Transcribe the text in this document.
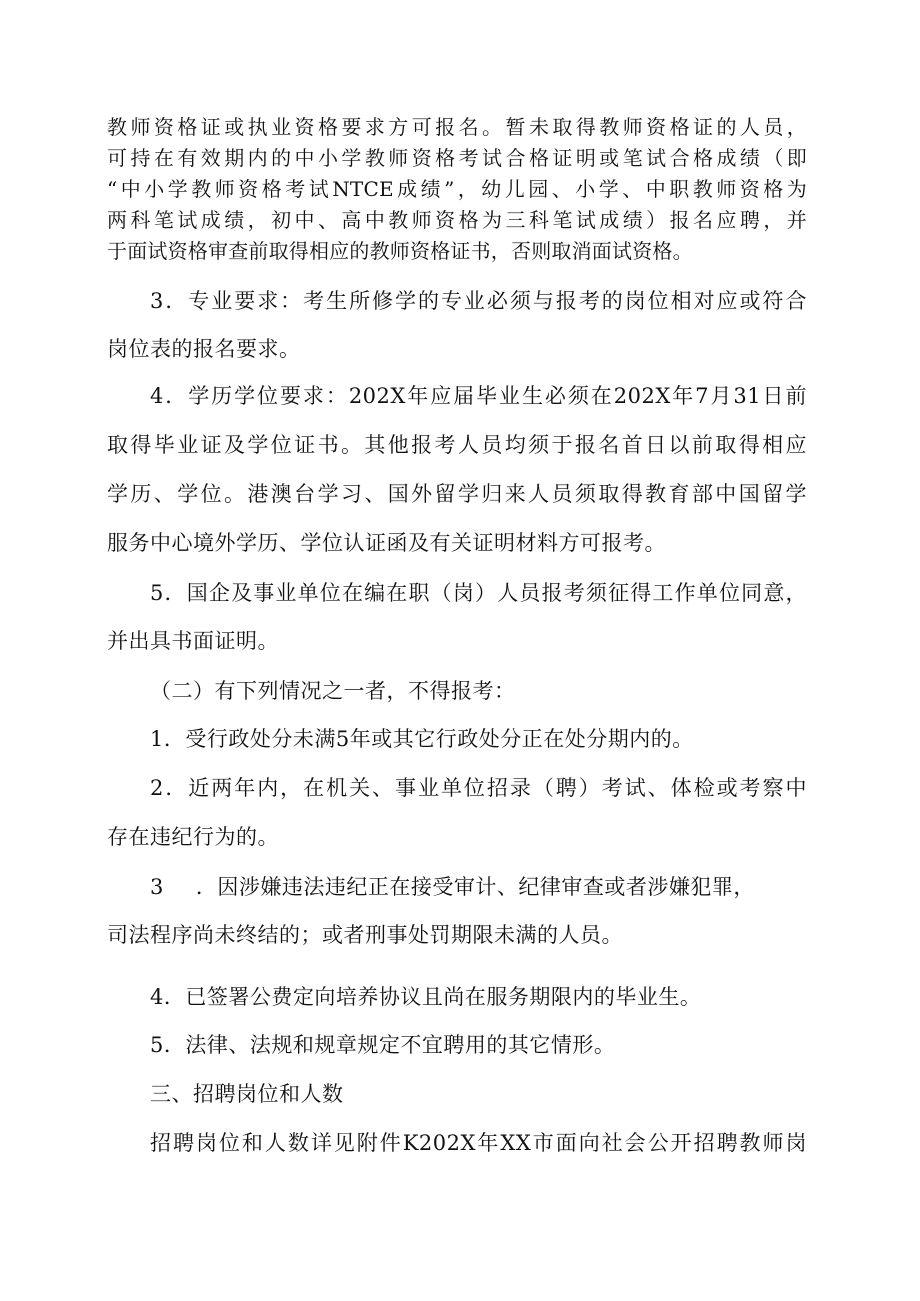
教师资格证或执业资格要求方可报名。暂未取得教师资格证的人员，
可持在有效期内的中小学教师资格考试合格证明或笔试合格成绩（即
“中小学教师资格考试NTCE成绩”，幼儿园、小学、中职教师资格为
两科笔试成绩，初中、高中教师资格为三科笔试成绩）报名应聘，并
于面试资格审查前取得相应的教师资格证书，否则取消面试资格。
3．专业要求：考生所修学的专业必须与报考的岗位相对应或符合
岗位表的报名要求。
4．学历学位要求：202X年应届毕业生必须在202X年7月31日前
取得毕业证及学位证书。其他报考人员均须于报名首日以前取得相应
学历、学位。港澳台学习、国外留学归来人员须取得教育部中国留学
服务中心境外学历、学位认证函及有关证明材料方可报考。
5．国企及事业单位在编在职（岗）人员报考须征得工作单位同意，
并出具书面证明。
（二）有下列情况之一者，不得报考：
1．受行政处分未满5年或其它行政处分正在处分期内的。
2．近两年内，在机关、事业单位招录（聘）考试、体检或考察中
存在违纪行为的。
3 ．因涉嫌违法违纪正在接受审计、纪律审查或者涉嫌犯罪，
司法程序尚未终结的；或者刑事处罚期限未满的人员。
4．已签署公费定向培养协议且尚在服务期限内的毕业生。
5．法律、法规和规章规定不宜聘用的其它情形。
三、招聘岗位和人数
招聘岗位和人数详见附件K202X年XX市面向社会公开招聘教师岗
